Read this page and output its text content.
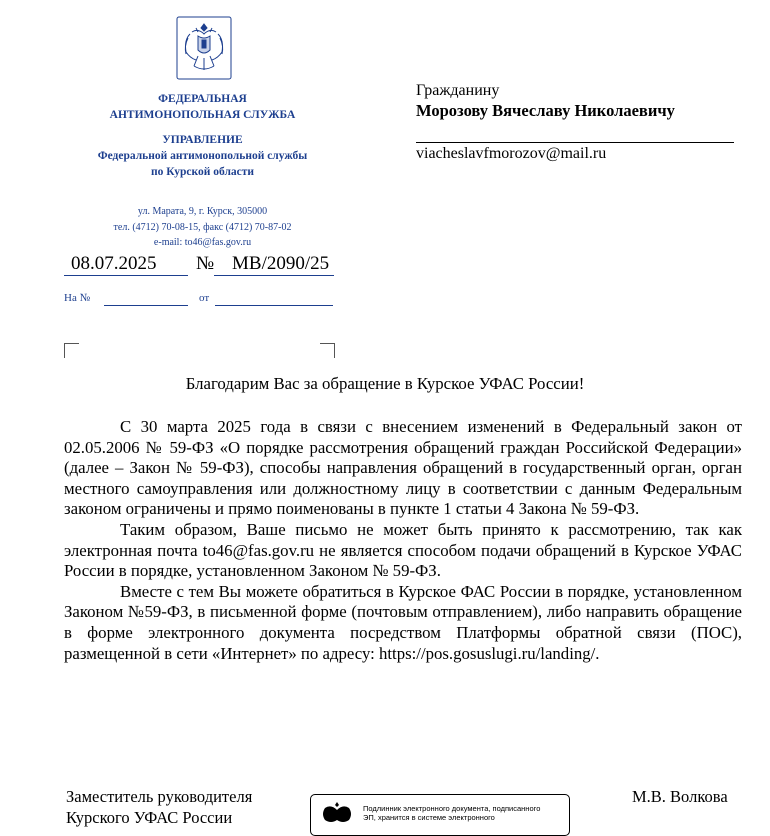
ФЕДЕРАЛЬНАЯ
АНТИМОНОПОЛЬНАЯ СЛУЖБА
УПРАВЛЕНИЕ
Федеральной антимонопольной службы
по Курской области
ул. Марата, 9, г. Курск, 305000
тел. (4712) 70-08-15, факс (4712) 70-87-02
e-mail: to46@fas.gov.ru
08.07.2025 № МВ/2090/25
На №	от
Гражданину
Морозову Вячеславу Николаевичу
viacheslavfmorozov@mail.ru
Благодарим Вас за обращение в Курское УФАС России!

С 30 марта 2025 года в связи с внесением изменений в Федеральный закон от 02.05.2006 № 59-ФЗ «О порядке рассмотрения обращений граждан Российской Федерации» (далее – Закон № 59-ФЗ), способы направления обращений в государственный орган, орган местного самоуправления или должностному лицу в соответствии с данным Федеральным законом ограничены и прямо поименованы в пункте 1 статьи 4 Закона № 59-ФЗ.

Таким образом, Ваше письмо не может быть принято к рассмотрению, так как электронная почта to46@fas.gov.ru не является способом подачи обращений в Курское УФАС России в порядке, установленном Законом № 59-ФЗ.

Вместе с тем Вы можете обратиться в Курское ФАС России в порядке, установленном Законом №59-ФЗ, в письменной форме (почтовым отправлением), либо направить обращение в форме электронного документа посредством Платформы обратной связи (ПОС), размещенной в сети «Интернет» по адресу: https://pos.gosuslugi.ru/landing/.

Заместитель руководителя
Курского УФАС России
М.В. Волкова
Подлинник электронного документа, подписанного
ЭП, хранится в системе электронного
